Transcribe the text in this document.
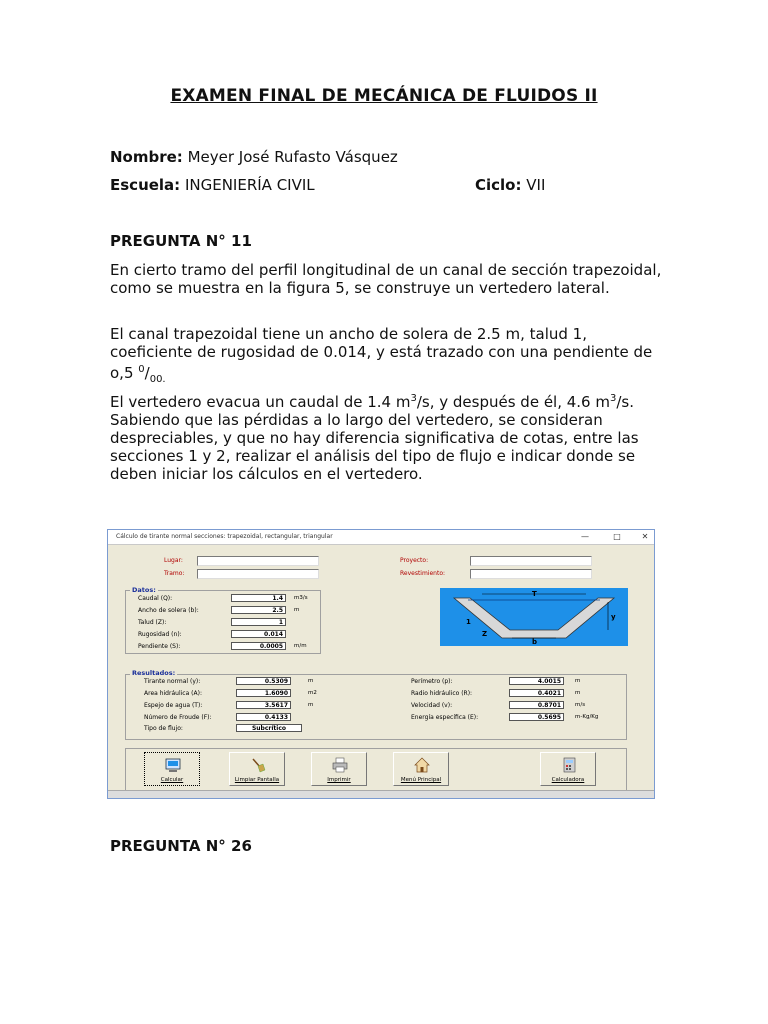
EXAMEN FINAL DE MECÁNICA DE FLUIDOS II
Nombre: Meyer José Rufasto Vásquez
Escuela: INGENIERÍA CIVIL	Ciclo: VII
PREGUNTA N° 11
En cierto tramo del perfil longitudinal de un canal de sección trapezoidal, como se muestra en la figura 5, se construye un vertedero lateral.
El canal trapezoidal tiene un ancho de solera de 2.5 m, talud 1, coeficiente de rugosidad de 0.014, y está trazado con una pendiente de o,5 $^0/_{00.}$
El vertedero evacua un caudal de 1.4 $m^3/s$, y después de él, 4.6 $m^3/s$. Sabiendo que las pérdidas a lo largo del vertedero, se consideran despreciables, y que no hay diferencia significativa de cotas, entre las secciones 1 y 2, realizar el análisis del tipo de flujo e indicar donde se deben iniciar los cálculos en el vertedero.
Cálculo de tirante normal secciones: trapezoidal, rectangular, triangular	—	□	✕
Lugar:
Tramo:
Proyecto:
Revestimiento:
Datos:
Caudal (Q):	1.4	m3/s
Ancho de solera (b):	2.5	m
Talud (Z):	1
Rugosidad (n):	0.014
Pendiente (S):	0.0005	m/m
T
b
y
1
Z
Resultados:
Tirante normal (y):	0.5309	m
Area hidráulica (A):	1.6090	m2
Espejo de agua (T):	3.5617	m
Número de Froude (F):	0.4133
Tipo de flujo:	Subcrítico
Perímetro (p):	4.0015	m
Radio hidráulico (R):	0.4021	m
Velocidad (v):	0.8701	m/s
Energía específica (E):	0.5695	m-Kg/Kg
Calcular	Limpiar Pantalla	Imprimir	Menú Principal	Calculadora
PREGUNTA N° 26
